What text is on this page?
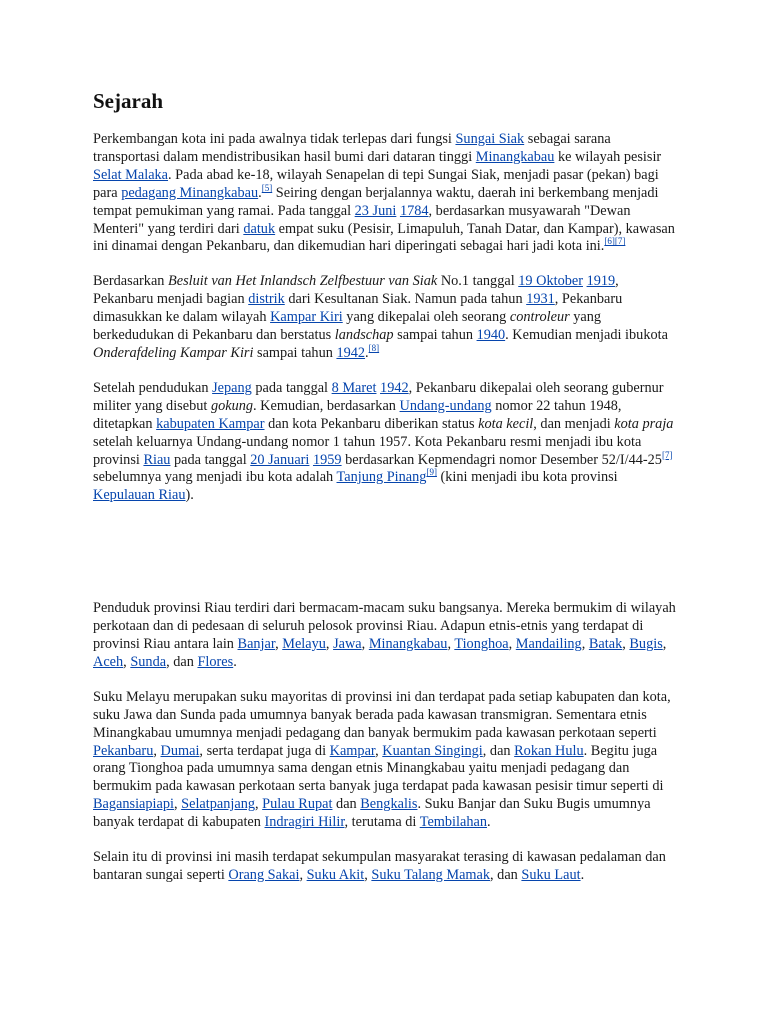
Sejarah

Perkembangan kota ini pada awalnya tidak terlepas dari fungsi Sungai Siak sebagai sarana transportasi dalam mendistribusikan hasil bumi dari dataran tinggi Minangkabau ke wilayah pesisir Selat Malaka. Pada abad ke-18, wilayah Senapelan di tepi Sungai Siak, menjadi pasar (pekan) bagi para pedagang Minangkabau.[5] Seiring dengan berjalannya waktu, daerah ini berkembang menjadi tempat pemukiman yang ramai. Pada tanggal 23 Juni 1784, berdasarkan musyawarah "Dewan Menteri" yang terdiri dari datuk empat suku (Pesisir, Limapuluh, Tanah Datar, dan Kampar), kawasan ini dinamai dengan Pekanbaru, dan dikemudian hari diperingati sebagai hari jadi kota ini.[6][7]

Berdasarkan Besluit van Het Inlandsch Zelfbestuur van Siak No.1 tanggal 19 Oktober 1919, Pekanbaru menjadi bagian distrik dari Kesultanan Siak. Namun pada tahun 1931, Pekanbaru dimasukkan ke dalam wilayah Kampar Kiri yang dikepalai oleh seorang controleur yang berkedudukan di Pekanbaru dan berstatus landschap sampai tahun 1940. Kemudian menjadi ibukota Onderafdeling Kampar Kiri sampai tahun 1942.[8]

Setelah pendudukan Jepang pada tanggal 8 Maret 1942, Pekanbaru dikepalai oleh seorang gubernur militer yang disebut gokung. Kemudian, berdasarkan Undang-undang nomor 22 tahun 1948, ditetapkan kabupaten Kampar dan kota Pekanbaru diberikan status kota kecil, dan menjadi kota praja setelah keluarnya Undang-undang nomor 1 tahun 1957. Kota Pekanbaru resmi menjadi ibu kota provinsi Riau pada tanggal 20 Januari 1959 berdasarkan Kepmendagri nomor Desember 52/I/44-25[7] sebelumnya yang menjadi ibu kota adalah Tanjung Pinang[9] (kini menjadi ibu kota provinsi Kepulauan Riau).

Penduduk provinsi Riau terdiri dari bermacam-macam suku bangsanya. Mereka bermukim di wilayah perkotaan dan di pedesaan di seluruh pelosok provinsi Riau. Adapun etnis-etnis yang terdapat di provinsi Riau antara lain Banjar, Melayu, Jawa, Minangkabau, Tionghoa, Mandailing, Batak, Bugis, Aceh, Sunda, dan Flores.

Suku Melayu merupakan suku mayoritas di provinsi ini dan terdapat pada setiap kabupaten dan kota, suku Jawa dan Sunda pada umumnya banyak berada pada kawasan transmigran. Sementara etnis Minangkabau umumnya menjadi pedagang dan banyak bermukim pada kawasan perkotaan seperti Pekanbaru, Dumai, serta terdapat juga di Kampar, Kuantan Singingi, dan Rokan Hulu. Begitu juga orang Tionghoa pada umumnya sama dengan etnis Minangkabau yaitu menjadi pedagang dan bermukim pada kawasan perkotaan serta banyak juga terdapat pada kawasan pesisir timur seperti di Bagansiapiapi, Selatpanjang, Pulau Rupat dan Bengkalis. Suku Banjar dan Suku Bugis umumnya banyak terdapat di kabupaten Indragiri Hilir, terutama di Tembilahan.

Selain itu di provinsi ini masih terdapat sekumpulan masyarakat terasing di kawasan pedalaman dan bantaran sungai seperti Orang Sakai, Suku Akit, Suku Talang Mamak, dan Suku Laut.
